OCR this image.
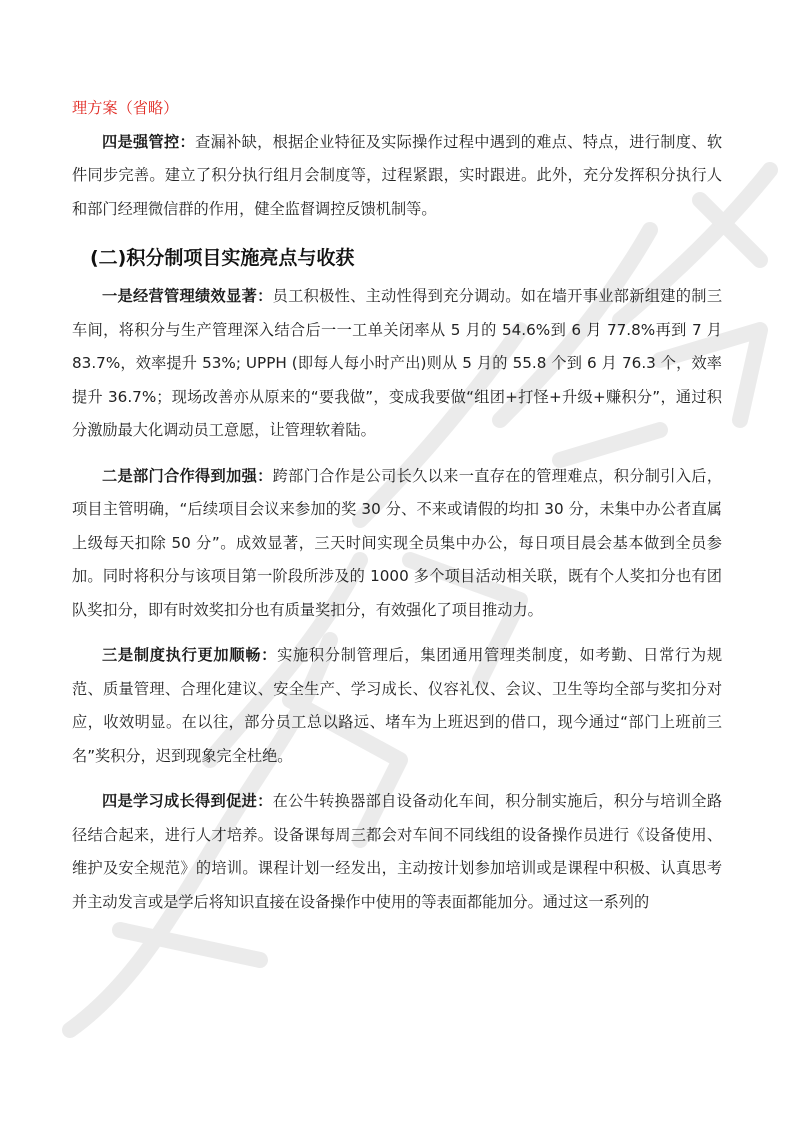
理方案（省略）

四是强管控：查漏补缺，根据企业特征及实际操作过程中遇到的难点、特点，进行制度、软件同步完善。建立了积分执行组月会制度等，过程紧跟，实时跟进。此外，充分发挥积分执行人和部门经理微信群的作用，健全监督调控反馈机制等。

(二)积分制项目实施亮点与收获

一是经营管理绩效显著：员工积极性、主动性得到充分调动。如在墙开事业部新组建的制三车间，将积分与生产管理深入结合后一一工单关闭率从 5 月的 54.6%到 6 月 77.8%再到 7 月 83.7%，效率提升 53%; UPPH (即每人每小时产出)则从 5 月的 55.8 个到 6 月 76.3 个，效率提升 36.7%；现场改善亦从原来的“要我做”，变成我要做“组团+打怪+升级+赚积分”，通过积分激励最大化调动员工意愿，让管理软着陆。

二是部门合作得到加强：跨部门合作是公司长久以来一直存在的管理难点，积分制引入后，项目主管明确，“后续项目会议来参加的奖 30 分、不来或请假的均扣 30 分，未集中办公者直属上级每天扣除 50 分”。成效显著，三天时间实现全员集中办公，每日项目晨会基本做到全员参加。同时将积分与该项目第一阶段所涉及的 1000 多个项目活动相关联，既有个人奖扣分也有团队奖扣分，即有时效奖扣分也有质量奖扣分，有效强化了项目推动力。

三是制度执行更加顺畅：实施积分制管理后，集团通用管理类制度，如考勤、日常行为规范、质量管理、合理化建议、安全生产、学习成长、仪容礼仪、会议、卫生等均全部与奖扣分对应，收效明显。在以往，部分员工总以路远、堵车为上班迟到的借口，现今通过“部门上班前三名”奖积分，迟到现象完全杜绝。

四是学习成长得到促进：在公牛转换器部自设备动化车间，积分制实施后，积分与培训全路径结合起来，进行人才培养。设备课每周三都会对车间不同线组的设备操作员进行《设备使用、维护及安全规范》的培训。课程计划一经发出，主动按计划参加培训或是课程中积极、认真思考并主动发言或是学后将知识直接在设备操作中使用的等表面都能加分。通过这一系列的
